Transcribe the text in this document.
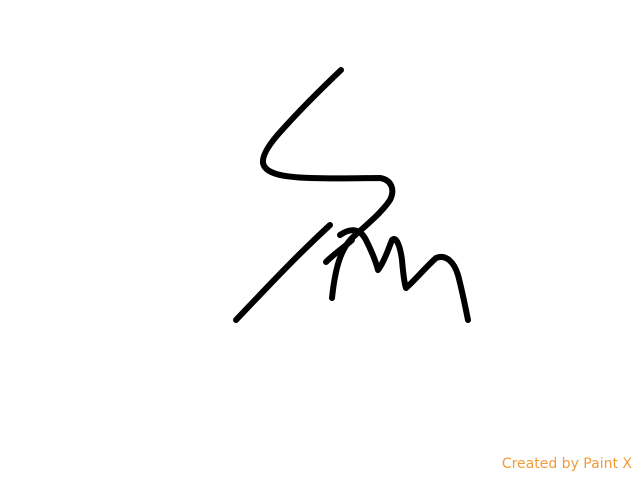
Created by Paint X
